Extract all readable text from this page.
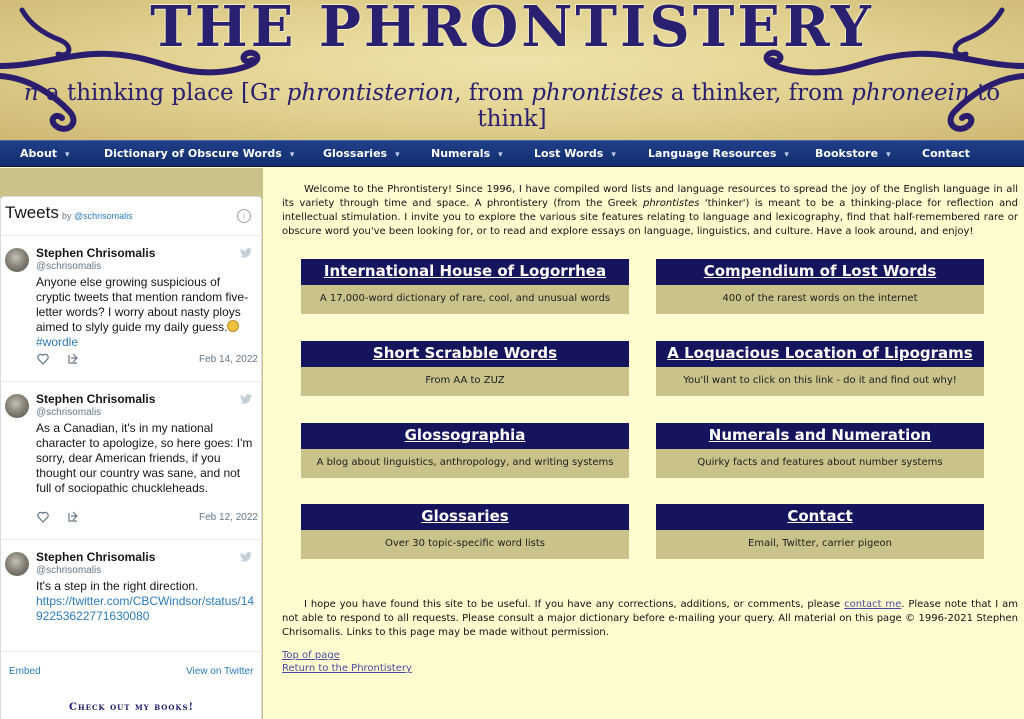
THE PHRONTISTERY
n a thinking place [Gr phrontisterion, from phrontistes a thinker, from phroneein to think]
About ▾	Dictionary of Obscure Words ▾	Glossaries ▾	Numerals ▾	Lost Words ▾	Language Resources ▾ Bookstore ▾	Contact
Tweets by @schrisomalis	i
Stephen Chrisomalis
@schrisomalis
Anyone else growing suspicious of cryptic tweets that mention random five-letter words? I worry about nasty ploys aimed to slyly guide my daily guess.#wordle
Feb 14, 2022
Stephen Chrisomalis
@schrisomalis
As a Canadian, it's in my national character to apologize, so here goes: I'm sorry, dear American friends, if you thought our country was sane, and not full of sociopathic chuckleheads.
Feb 12, 2022
Stephen Chrisomalis
@schrisomalis
It's a step in the right direction.
https://twitter.com/CBCWindsor/status/1492253622771630080
Embed	View on Twitter
Check out my books!
Welcome to the Phrontistery! Since 1996, I have compiled word lists and language resources to spread the joy of the English language in all its variety through time and space. A phrontistery (from the Greek phrontistes 'thinker') is meant to be a thinking-place for reflection and intellectual stimulation. I invite you to explore the various site features relating to language and lexicography, find that half-remembered rare or obscure word you've been looking for, or to read and explore essays on language, linguistics, and culture. Have a look around, and enjoy!
International House of Logorrhea
A 17,000-word dictionary of rare, cool, and unusual words
Compendium of Lost Words
400 of the rarest words on the internet
Short Scrabble Words
From AA to ZUZ
A Loquacious Location of Lipograms
You'll want to click on this link - do it and find out why!
Glossographia
A blog about linguistics, anthropology, and writing systems
Numerals and Numeration
Quirky facts and features about number systems
Glossaries
Over 30 topic-specific word lists
Contact
Email, Twitter, carrier pigeon
I hope you have found this site to be useful. If you have any corrections, additions, or comments, please contact me. Please note that I am not able to respond to all requests. Please consult a major dictionary before e-mailing your query. All material on this page © 1996-2021 Stephen Chrisomalis. Links to this page may be made without permission.
Top of page
Return to the Phrontistery
